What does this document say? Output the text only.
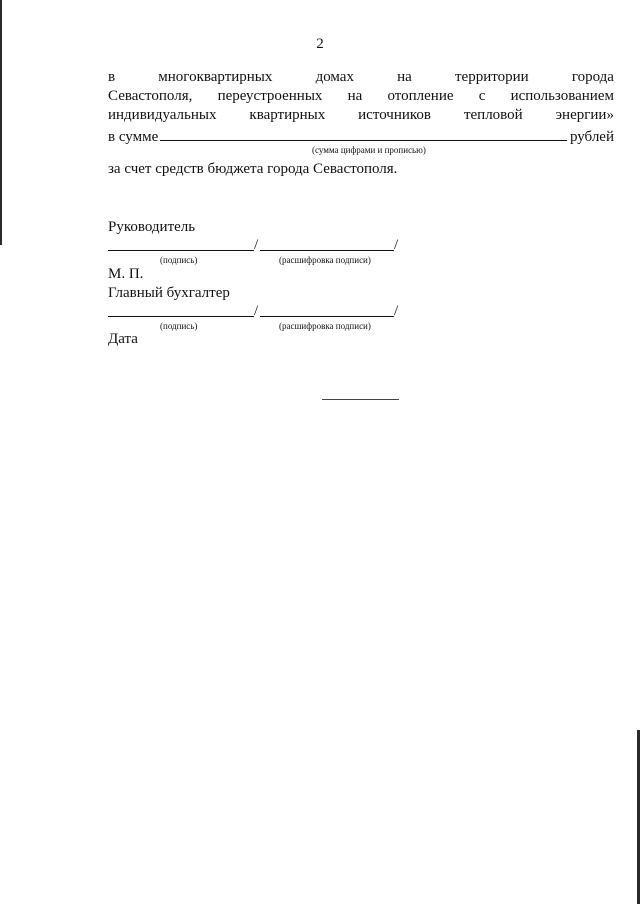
2
в	многоквартирных	домах	на	территории	города
Севастополя, переустроенных на отопление с использованием
индивидуальных квартирных источников тепловой энергии»
в сумме	рублей
(сумма цифрами и прописью)
за счет средств бюджета города Севастополя.
Руководитель
/	/
(подпись)	(расшифровка подписи)
М. П.
Главный бухгалтер
/	/
(подпись)	(расшифровка подписи)
Дата
